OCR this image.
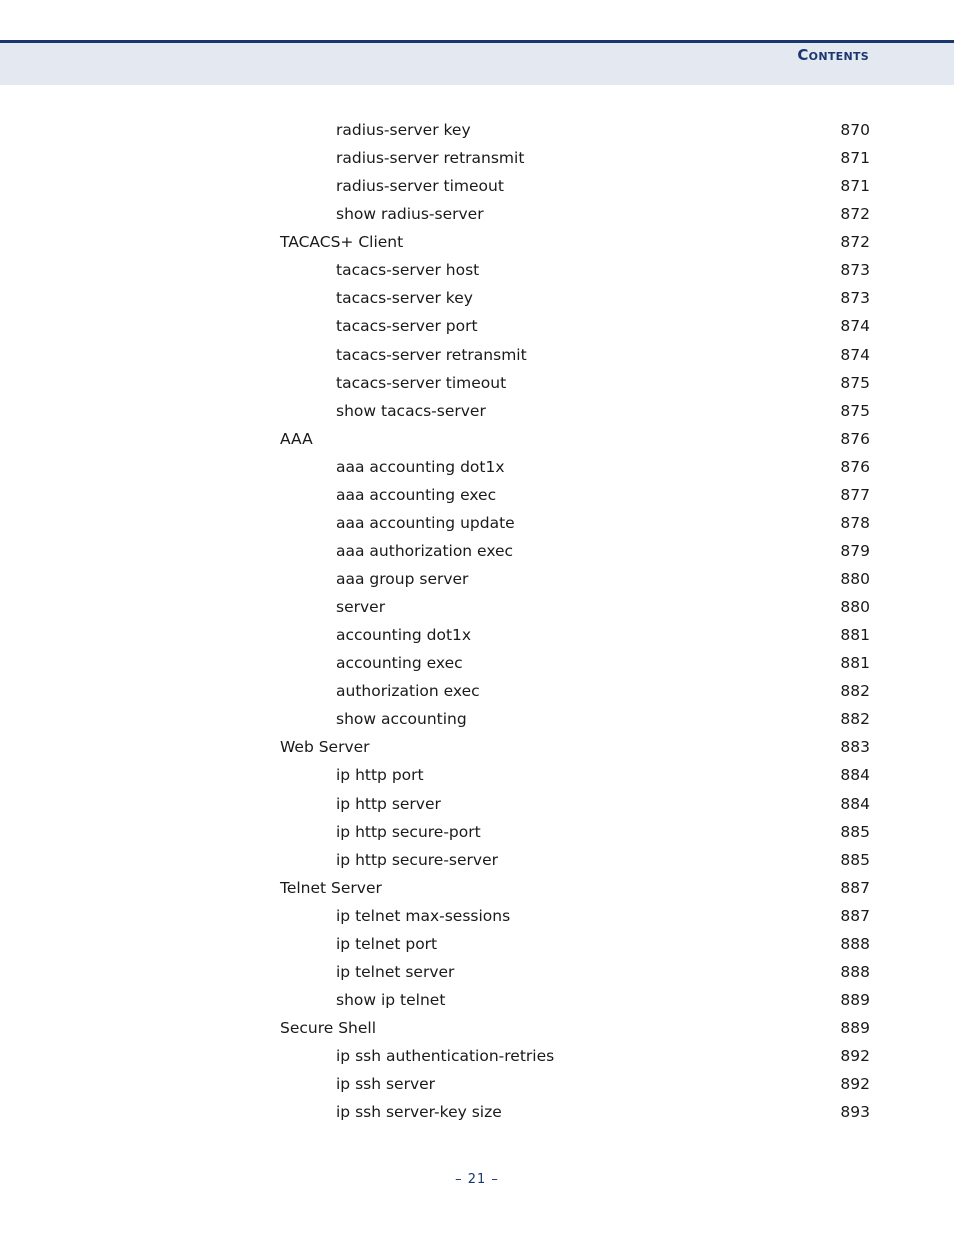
Contents
radius-server key	870
radius-server retransmit	871
radius-server timeout	871
show radius-server	872
TACACS+ Client	872
tacacs-server host	873
tacacs-server key	873
tacacs-server port	874
tacacs-server retransmit	874
tacacs-server timeout	875
show tacacs-server	875
AAA	876
aaa accounting dot1x	876
aaa accounting exec	877
aaa accounting update	878
aaa authorization exec	879
aaa group server	880
server	880
accounting dot1x	881
accounting exec	881
authorization exec	882
show accounting	882
Web Server	883
ip http port	884
ip http server	884
ip http secure-port	885
ip http secure-server	885
Telnet Server	887
ip telnet max-sessions	887
ip telnet port	888
ip telnet server	888
show ip telnet	889
Secure Shell	889
ip ssh authentication-retries	892
ip ssh server	892
ip ssh server-key size	893
– 21 –
